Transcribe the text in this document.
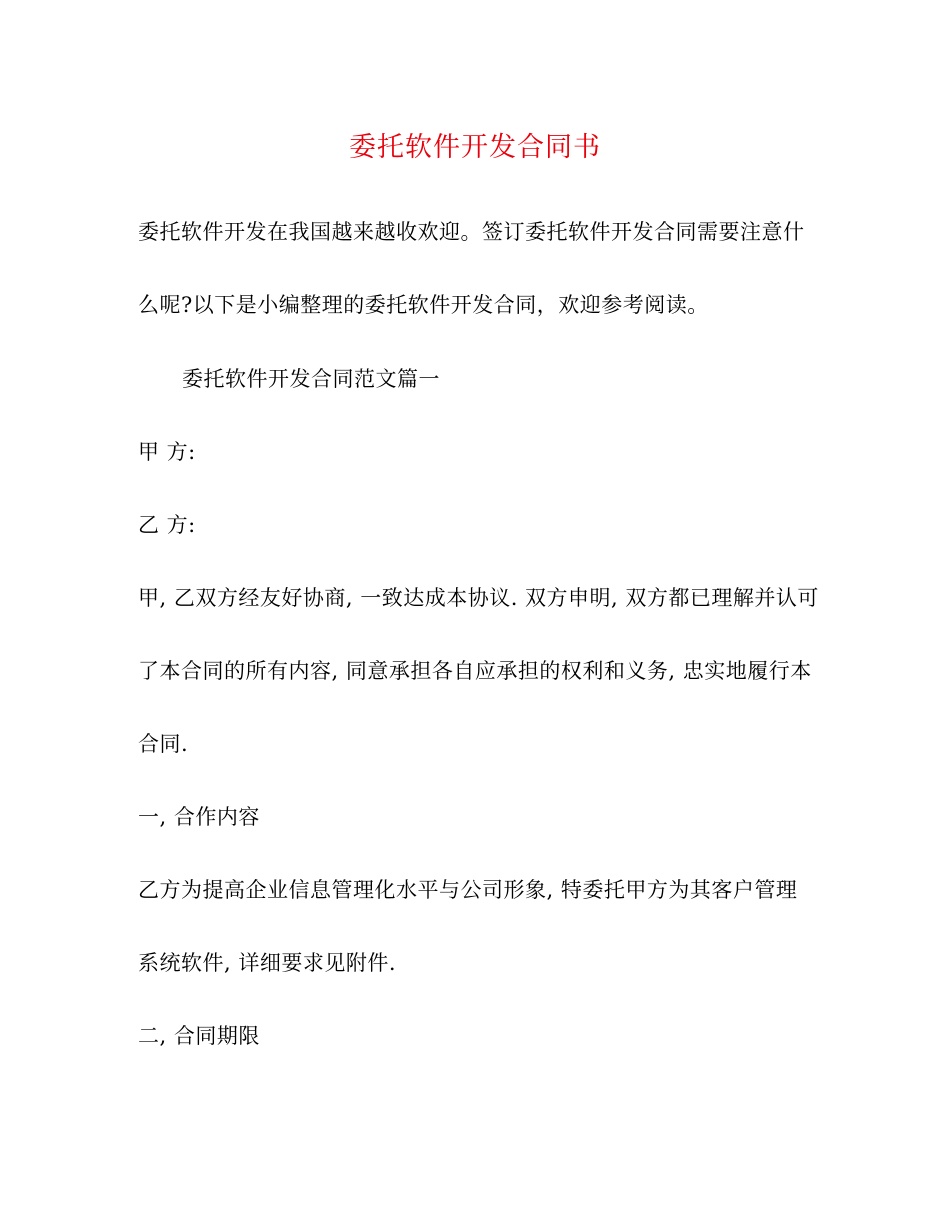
委托软件开发合同书
委托软件开发在我国越来越收欢迎。签订委托软件开发合同需要注意什
么呢?以下是小编整理的委托软件开发合同，欢迎参考阅读。
委托软件开发合同范文篇一
甲 方:
乙 方:
甲, 乙双方经友好协商, 一致达成本协议. 双方申明, 双方都已理解并认可
了本合同的所有内容, 同意承担各自应承担的权利和义务, 忠实地履行本
合同.
一, 合作内容
乙方为提高企业信息管理化水平与公司形象, 特委托甲方为其客户管理
系统软件, 详细要求见附件.
二, 合同期限
